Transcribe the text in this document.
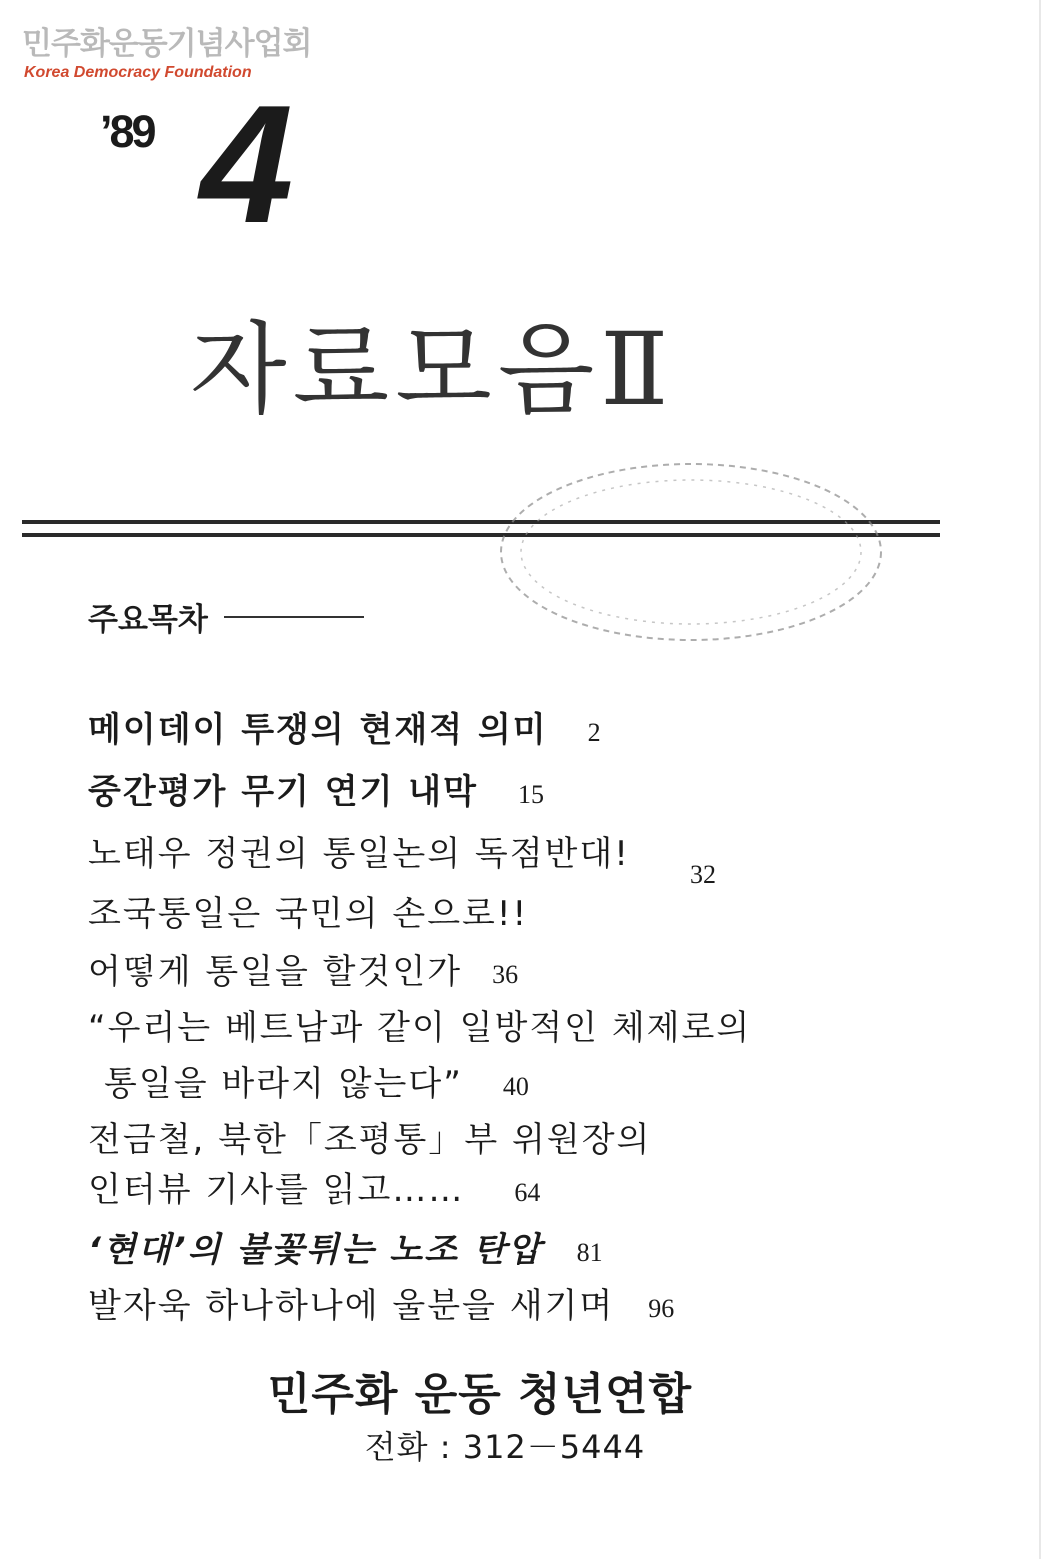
민주화운동기념사업회
Korea Democracy Foundation
’89 4
자료모음Ⅱ
주요목차
메이데이 투쟁의 현재적 의미 2
중간평가 무기 연기 내막 15
노태우 정권의 통일논의 독점반대!
조국통일은 국민의 손으로!!
32
어떻게 통일을 할것인가 36
“우리는 베트남과 같이 일방적인 체제로의
통일을 바라지 않는다” 40
전금철, 북한「조평통」부 위원장의
인터뷰 기사를 읽고…… 64
‘현대’의 불꽃튀는 노조 탄압 81
발자욱 하나하나에 울분을 새기며 96
민주화 운동 청년연합
전화 : 312－5444
